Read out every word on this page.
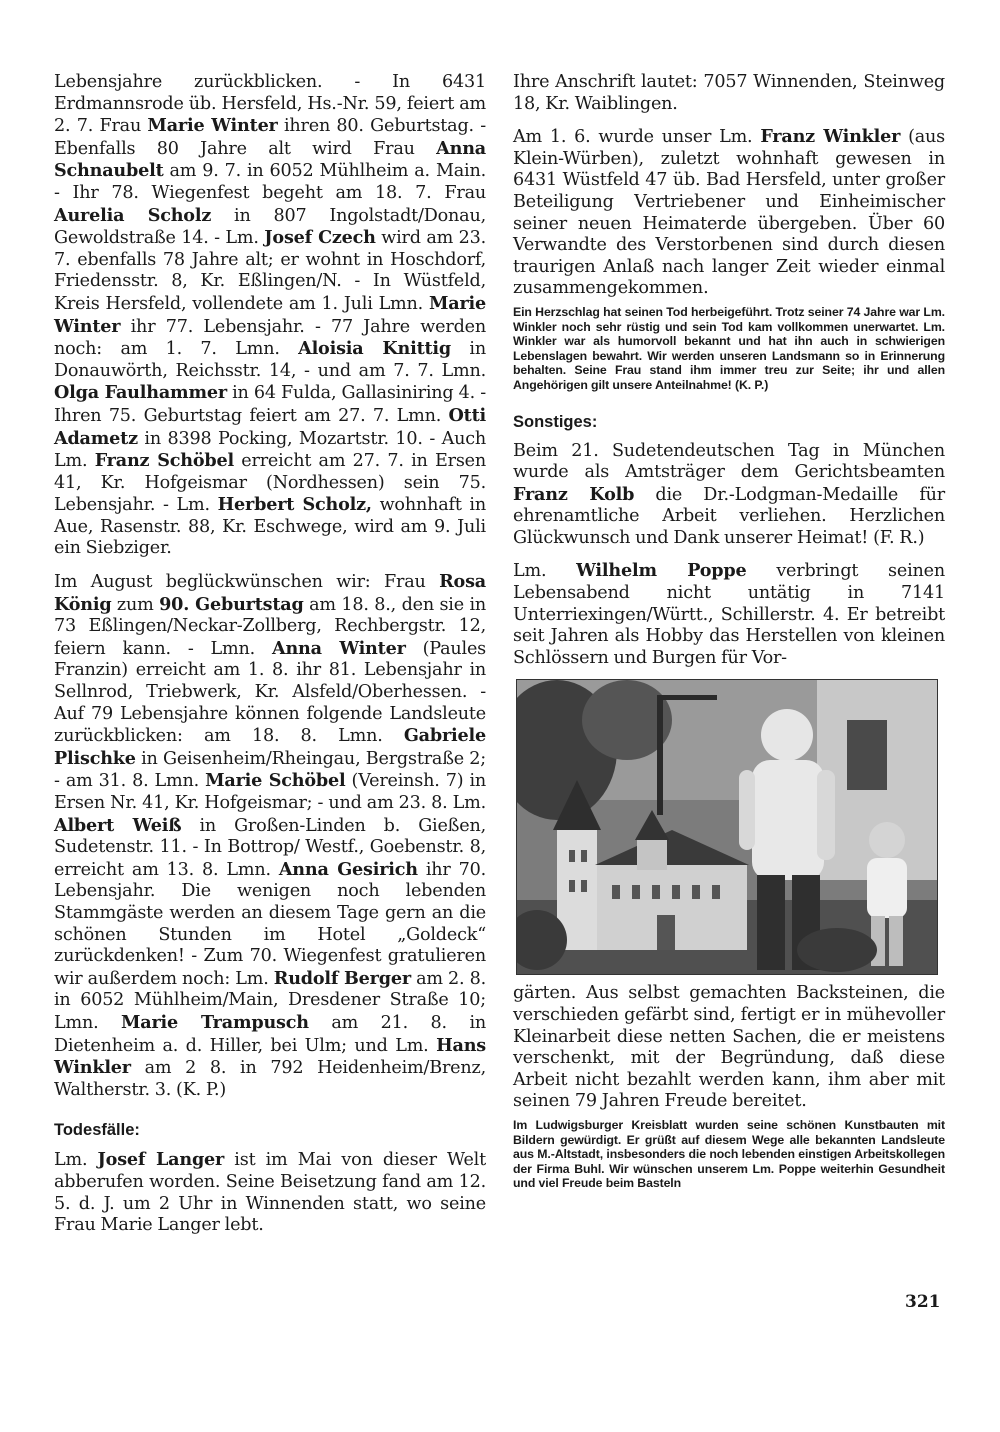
Lebensjahre zurückblicken. - In 6431 Erdmannsrode üb. Hersfeld, Hs.-Nr. 59, feiert am 2. 7. Frau Marie Winter ihren 80. Geburtstag. - Ebenfalls 80 Jahre alt wird Frau Anna Schnaubelt am 9. 7. in 6052 Mühlheim a. Main. - Ihr 78. Wiegenfest begeht am 18. 7. Frau Aurelia Scholz in 807 Ingolstadt/Donau, Gewoldstraße 14. - Lm. Josef Czech wird am 23. 7. ebenfalls 78 Jahre alt; er wohnt in Hoschdorf, Friedensstr. 8, Kr. Eßlingen/N. - In Wüstfeld, Kreis Hersfeld, vollendete am 1. Juli Lmn. Marie Winter ihr 77. Lebensjahr. - 77 Jahre werden noch: am 1. 7. Lmn. Aloisia Knittig in Donauwörth, Reichsstr. 14, - und am 7. 7. Lmn. Olga Faulhammer in 64 Fulda, Gallasiniring 4. - Ihren 75. Geburtstag feiert am 27. 7. Lmn. Otti Adametz in 8398 Pocking, Mozartstr. 10. - Auch Lm. Franz Schöbel erreicht am 27. 7. in Ersen 41, Kr. Hofgeismar (Nordhessen) sein 75. Lebensjahr. - Lm. Herbert Scholz, wohnhaft in Aue, Rasenstr. 88, Kr. Eschwege, wird am 9. Juli ein Siebziger.

Im August beglückwünschen wir: Frau Rosa König zum 90. Geburtstag am 18. 8., den sie in 73 Eßlingen/Neckar-Zollberg, Rechbergstr. 12, feiern kann. - Lmn. Anna Winter (Paules Franzin) erreicht am 1. 8. ihr 81. Lebensjahr in Sellnrod, Triebwerk, Kr. Alsfeld/Oberhessen. - Auf 79 Lebensjahre können folgende Landsleute zurückblicken: am 18. 8. Lmn. Gabriele Plischke in Geisenheim/Rheingau, Bergstraße 2; - am 31. 8. Lmn. Marie Schöbel (Vereinsh. 7) in Ersen Nr. 41, Kr. Hofgeismar; - und am 23. 8. Lm. Albert Weiß in Großen-Linden b. Gießen, Sudetenstr. 11. - In Bottrop/ Westf., Goebenstr. 8, erreicht am 13. 8. Lmn. Anna Gesirich ihr 70. Lebensjahr. Die wenigen noch lebenden Stammgäste werden an diesem Tage gern an die schönen Stunden im Hotel „Goldeck“ zurückdenken! - Zum 70. Wiegenfest gratulieren wir außerdem noch: Lm. Rudolf Berger am 2. 8. in 6052 Mühlheim/Main, Dresdener Straße 10; Lmn. Marie Trampusch am 21. 8. in Dietenheim a. d. Hiller, bei Ulm; und Lm. Hans Winkler am 2 8. in 792 Heidenheim/Brenz, Waltherstr. 3. (K. P.)

Todesfälle:

Lm. Josef Langer ist im Mai von dieser Welt abberufen worden. Seine Beisetzung fand am 12. 5. d. J. um 2 Uhr in Winnenden statt, wo seine Frau Marie Langer lebt.

Ihre Anschrift lautet: 7057 Winnenden, Steinweg 18, Kr. Waiblingen.

Am 1. 6. wurde unser Lm. Franz Winkler (aus Klein-Würben), zuletzt wohnhaft gewesen in 6431 Wüstfeld 47 üb. Bad Hersfeld, unter großer Beteiligung Vertriebener und Einheimischer seiner neuen Heimaterde übergeben. Über 60 Verwandte des Verstorbenen sind durch diesen traurigen Anlaß nach langer Zeit wieder einmal zusammengekommen.

Ein Herzschlag hat seinen Tod herbeigeführt. Trotz seiner 74 Jahre war Lm. Winkler noch sehr rüstig und sein Tod kam vollkommen unerwartet. Lm. Winkler war als humorvoll bekannt und hat ihn auch in schwierigen Lebenslagen bewahrt. Wir werden unseren Landsmann so in Erinnerung behalten. Seine Frau stand ihm immer treu zur Seite; ihr und allen Angehörigen gilt unsere Anteilnahme! (K. P.)

Sonstiges:

Beim 21. Sudetendeutschen Tag in München wurde als Amtsträger dem Gerichtsbeamten Franz Kolb die Dr.-Lodgman-Medaille für ehrenamtliche Arbeit verliehen. Herzlichen Glückwunsch und Dank unserer Heimat! (F. R.)

Lm. Wilhelm Poppe verbringt seinen Lebensabend nicht untätig in 7141 Unterriexingen/Württ., Schillerstr. 4. Er betreibt seit Jahren als Hobby das Herstellen von kleinen Schlössern und Burgen für Vor-

gärten. Aus selbst gemachten Backsteinen, die verschieden gefärbt sind, fertigt er in mühevoller Kleinarbeit diese netten Sachen, die er meistens verschenkt, mit der Begründung, daß diese Arbeit nicht bezahlt werden kann, ihm aber mit seinen 79 Jahren Freude bereitet.

Im Ludwigsburger Kreisblatt wurden seine schönen Kunstbauten mit Bildern gewürdigt. Er grüßt auf diesem Wege alle bekannten Landsleute aus M.-Altstadt, insbesonders die noch lebenden einstigen Arbeitskollegen der Firma Buhl. Wir wünschen unserem Lm. Poppe weiterhin Gesundheit und viel Freude beim Basteln

321
